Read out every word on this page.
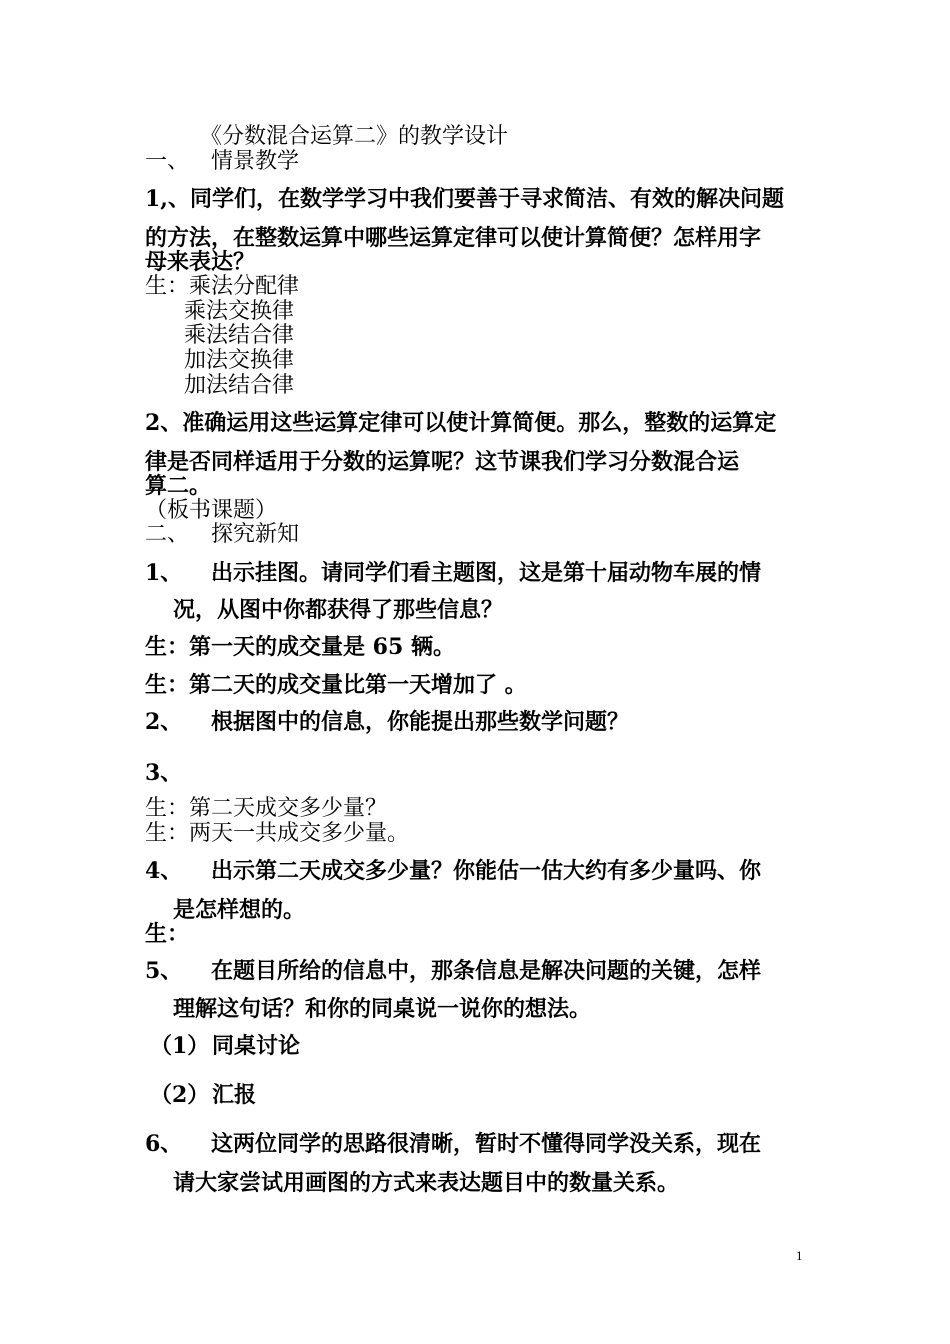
《分数混合运算二》的教学设计

一、 情景教学

1,、同学们，在数学学习中我们要善于寻求简洁、有效的解决问题

的方法，在整数运算中哪些运算定律可以使计算简便？怎样用字

母来表达？

生：乘法分配律

乘法交换律

乘法结合律

加法交换律

加法结合律

2、准确运用这些运算定律可以使计算简便。那么，整数的运算定

律是否同样适用于分数的运算呢？这节课我们学习分数混合运

算二。

（板书课题）

二、 探究新知

1、 出示挂图。请同学们看主题图，这是第十届动物车展的情

况，从图中你都获得了那些信息？

生：第一天的成交量是 65 辆。

生：第二天的成交量比第一天增加了 。

2、 根据图中的信息，你能提出那些数学问题？

3、

生：第二天成交多少量？

生：两天一共成交多少量。

4、 出示第二天成交多少量？你能估一估大约有多少量吗、你

是怎样想的。

生：

5、 在题目所给的信息中，那条信息是解决问题的关键，怎样

理解这句话？和你的同桌说一说你的想法。

（1） 同桌讨论

（2） 汇报

6、 这两位同学的思路很清晰，暂时不懂得同学没关系，现在

请大家尝试用画图的方式来表达题目中的数量关系。

1
